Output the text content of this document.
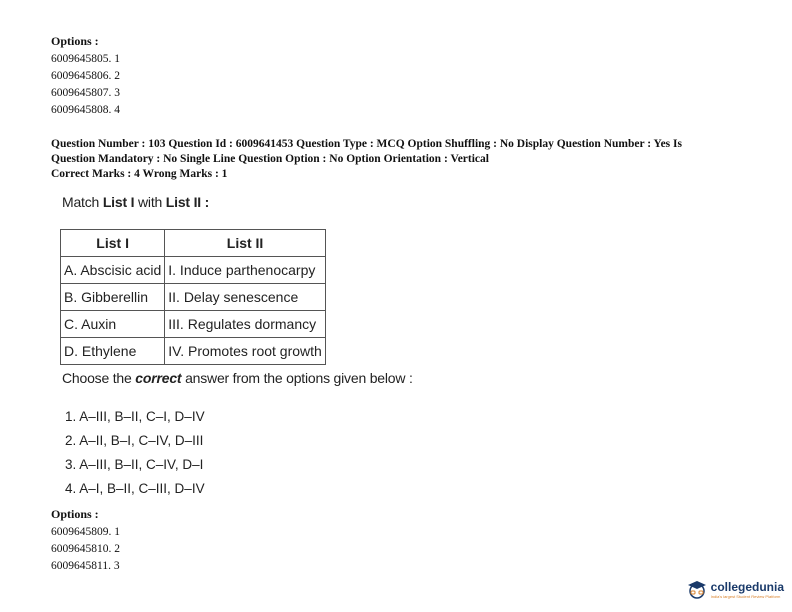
Options :
6009645805. 1
6009645806. 2
6009645807. 3
6009645808. 4
Question Number : 103 Question Id : 6009641453 Question Type : MCQ Option Shuffling : No Display Question Number : Yes Is
Question Mandatory : No Single Line Question Option : No Option Orientation : Vertical
Correct Marks : 4 Wrong Marks : 1
Match List I with List II :
List I	List II
A. Abscisic acid	I. Induce parthenocarpy
B. Gibberellin	II. Delay senescence
C. Auxin	III. Regulates dormancy
D. Ethylene	IV. Promotes root growth
Choose the correct answer from the options given below :
1. A–III, B–II, C–I, D–IV
2. A–II, B–I, C–IV, D–III
3. A–III, B–II, C–IV, D–I
4. A–I, B–II, C–III, D–IV
Options :
6009645809. 1
6009645810. 2
6009645811. 3
collegedunia
India's largest Student Review Platform
